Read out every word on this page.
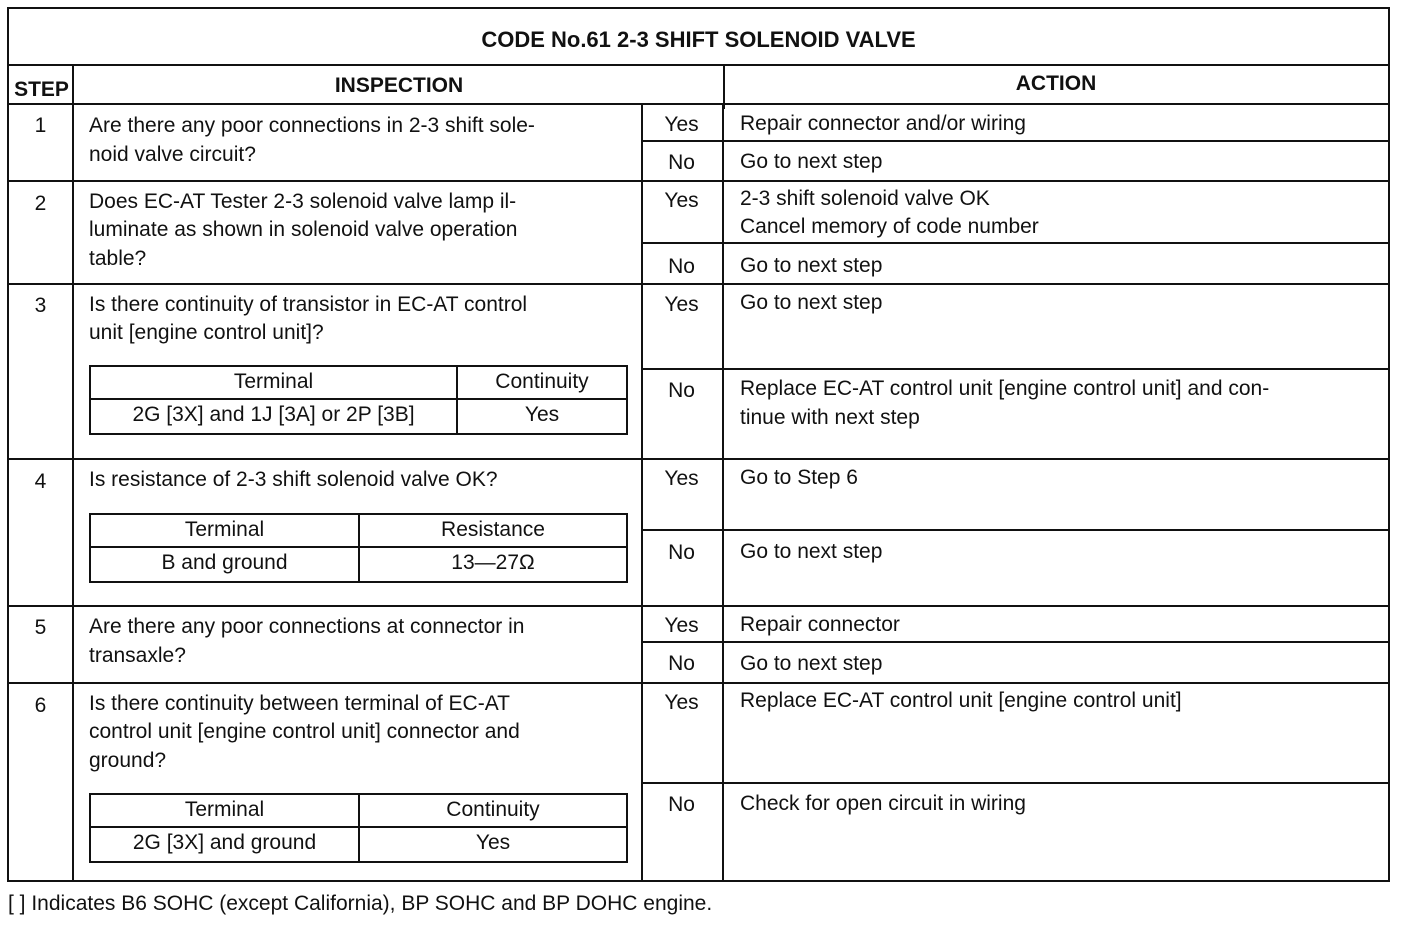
CODE No.61 2-3 SHIFT SOLENOID VALVE
STEP	INSPECTION	ACTION
1	Are there any poor connections in 2-3 shift sole-
noid valve circuit?
Yes	Repair connector and/or wiring
No	Go to next step
2	Does EC-AT Tester 2-3 solenoid valve lamp il-
luminate as shown in solenoid valve operation
table?
Yes	2-3 shift solenoid valve OK
Cancel memory of code number
No	Go to next step
3	Is there continuity of transistor in EC-AT control
unit [engine control unit]?
Terminal	Continuity
2G [3X] and 1J [3A] or 2P [3B]	Yes
Yes	Go to next step
No	Replace EC-AT control unit [engine control unit] and con-
tinue with next step
4	Is resistance of 2-3 shift solenoid valve OK?
Terminal	Resistance
B and ground	13—27Ω
Yes	Go to Step 6
No	Go to next step
5	Are there any poor connections at connector in
transaxle?
Yes	Repair connector
No	Go to next step
6	Is there continuity between terminal of EC-AT
control unit [engine control unit] connector and
ground?
Terminal	Continuity
2G [3X] and ground	Yes
Yes	Replace EC-AT control unit [engine control unit]
No	Check for open circuit in wiring
[ ] Indicates B6 SOHC (except California), BP SOHC and BP DOHC engine.
